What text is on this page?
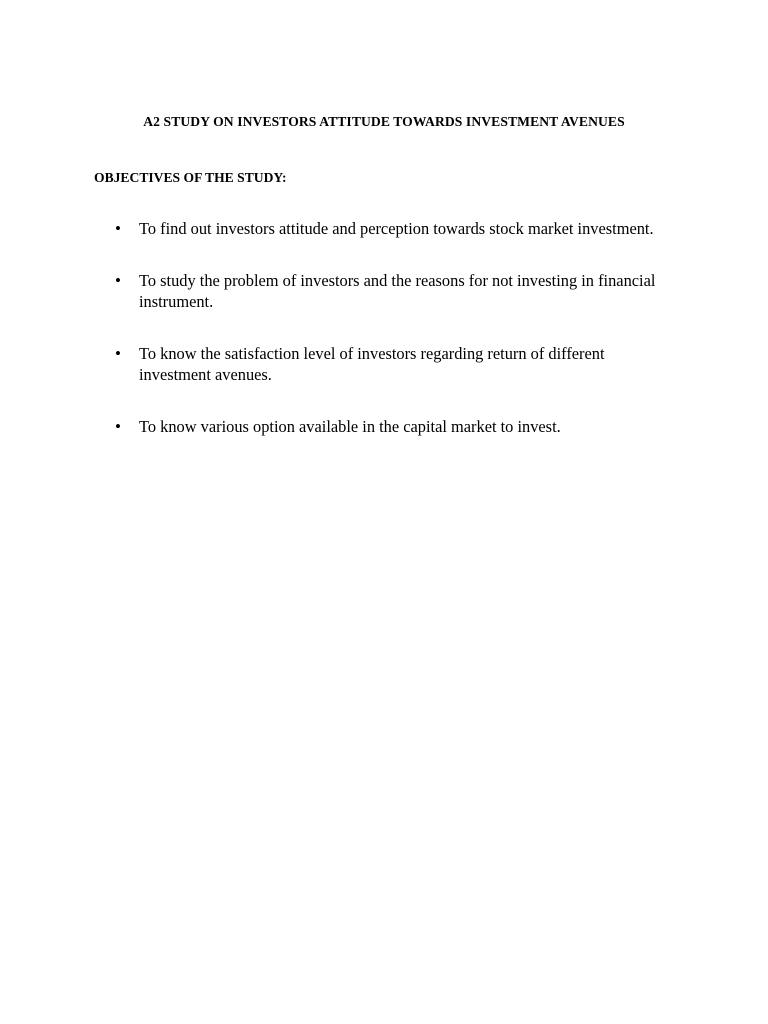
A2 STUDY ON INVESTORS ATTITUDE TOWARDS INVESTMENT AVENUES
OBJECTIVES OF THE STUDY:
• To find out investors attitude and perception towards stock market investment.
• To study the problem of investors and the reasons for not investing in financial instrument.
• To know the satisfaction level of investors regarding return of different investment avenues.
• To know various option available in the capital market to invest.
